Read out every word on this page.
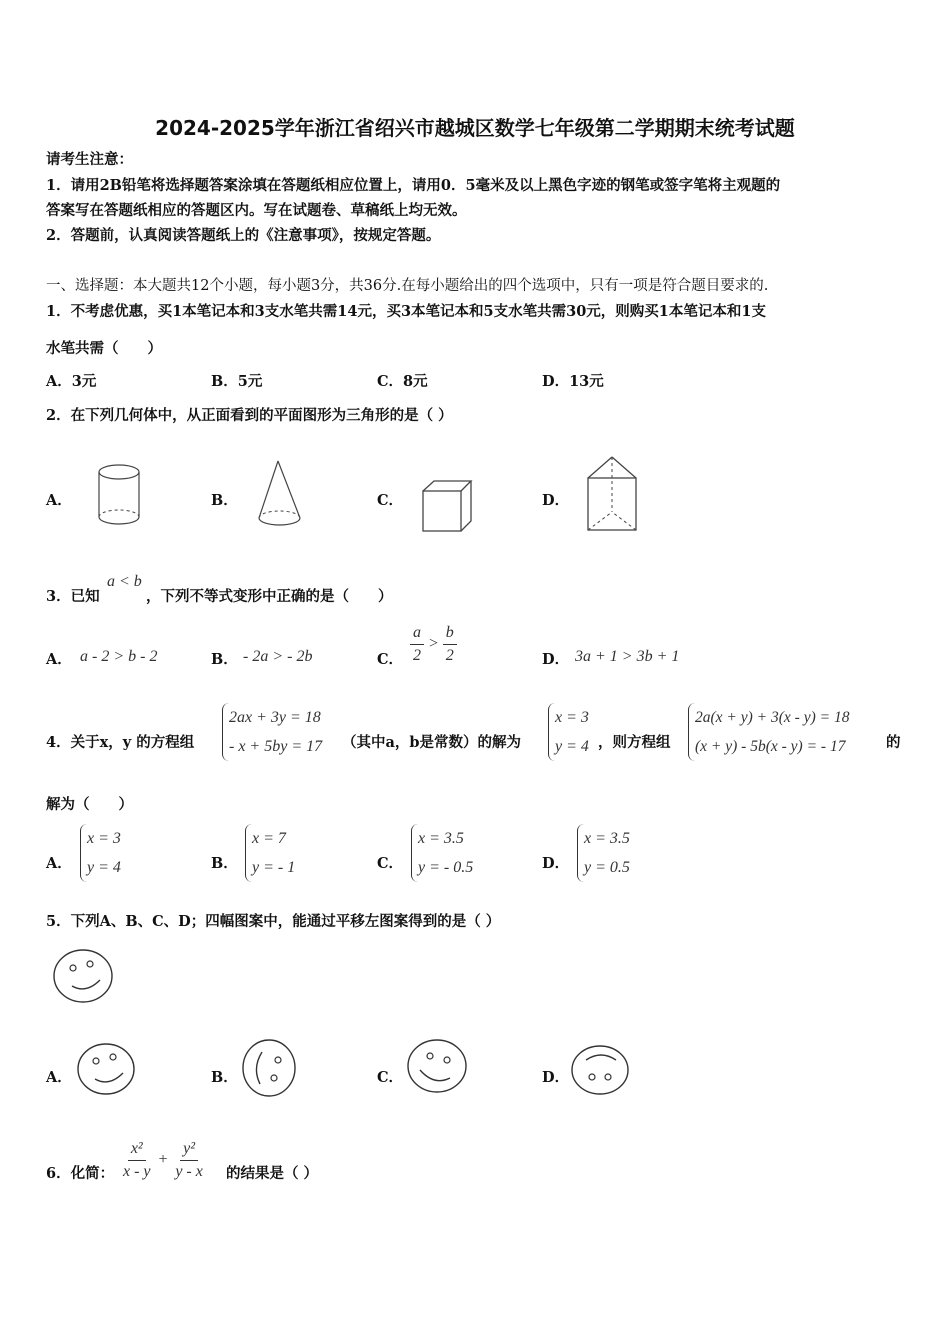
2024-2025学年浙江省绍兴市越城区数学七年级第二学期期末统考试题
请考生注意：
1．请用2B铅笔将选择题答案涂填在答题纸相应位置上，请用0．5毫米及以上黑色字迹的钢笔或签字笔将主观题的
答案写在答题纸相应的答题区内。写在试题卷、草稿纸上均无效。
2．答题前，认真阅读答题纸上的《注意事项》，按规定答题。
一、选择题：本大题共12个小题，每小题3分，共36分.在每小题给出的四个选项中，只有一项是符合题目要求的.
1．不考虑优惠，买1本笔记本和3支水笔共需14元，买3本笔记本和5支水笔共需30元，则购买1本笔记本和1支
水笔共需（　　）
A．3元	B．5元	C．8元	D．13元
2．在下列几何体中，从正面看到的平面图形为三角形的是（ ）
A．	B．	C．	D．
3．已知
a < b
，下列不等式变形中正确的是（　　）
A． a - 2 > b - 2	B． - 2a > - 2b	C． $\frac{a}{2} > \frac{b}{2}$	D． 3a + 1 > 3b + 1
4．关于x，y 的方程组
2ax + 3y = 18
- x + 5by = 17 （其中a，b是常数）的解为
x = 3
y = 4 ，则方程组
2a(x + y) + 3(x - y) = 18
(x + y) - 5b(x - y) = - 17	的
解为（　　）
A．
x = 3
y = 4	B．
x = 7
y = - 1	C．
x = 3.5
y = - 0.5	D．
x = 3.5
y = 0.5
5．下列A、B、C、D；四幅图案中，能通过平移左图案得到的是（ ）
A．	B．	C．	D．
6．化简： $\frac{\text{x²}}{x - y} + \frac{\text{y²}}{y - x}$ 的结果是（ ）
